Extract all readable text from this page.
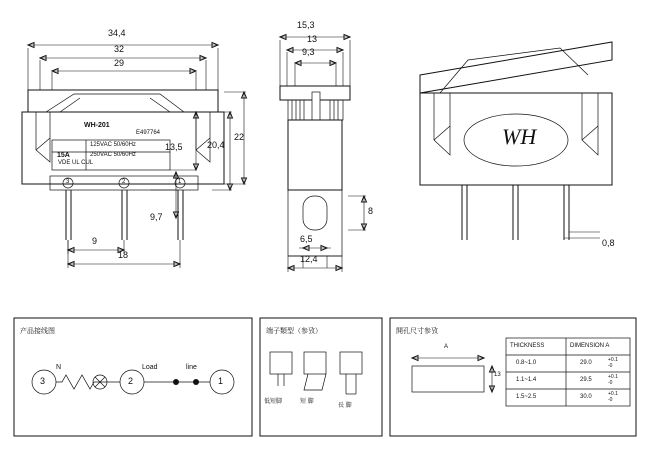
34,4
32
29
22
20,4
13,5
9,7
9
18
WH-201
E497764
15A
125VAC 50/60Hz
250VAC 50/60Hz
VDE UL CUL
3	2	1
15,3
13
9,3
8
6,5
12,4
WH
0,8
产品接线图
3	2	1
N	Load	line
端子類型（参攷）
低短脚	短 脚
長 脚
開孔尺寸参攷
A
13
THICKNESS	DIMENSION A
0.8~1.0	29.0
1.1~1.4	29.5
1.5~2.5	30.0
+0.1
-0
+0.1
-0
+0.1
-0
